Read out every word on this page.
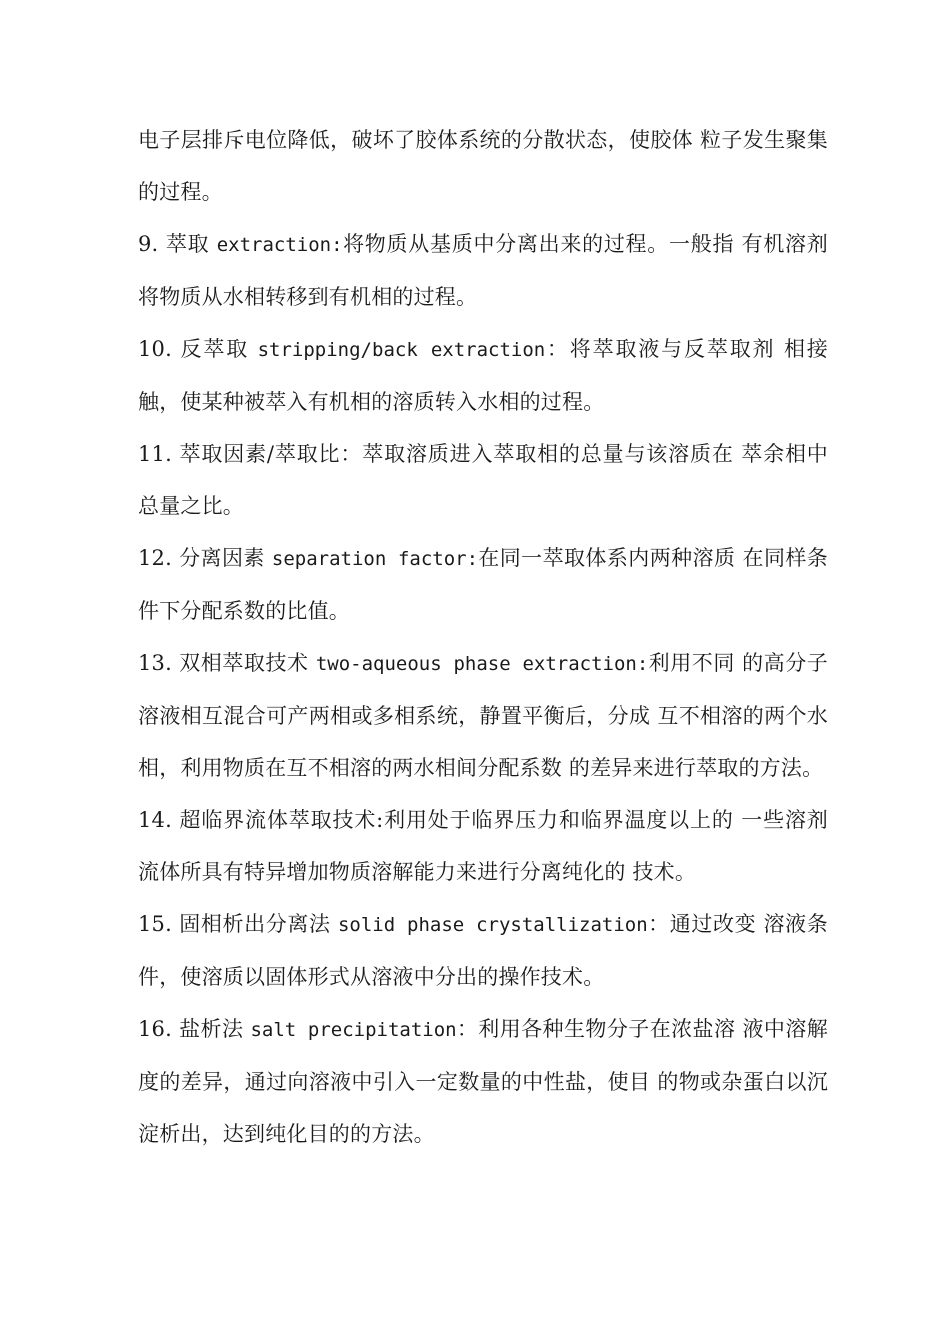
电子层排斥电位降低，破坏了胶体系统的分散状态，使胶体 粒子发生聚集的过程。

9. 萃取 extraction:将物质从基质中分离出来的过程。一般指 有机溶剂将物质从水相转移到有机相的过程。

10. 反萃取 stripping/back extraction：将萃取液与反萃取剂 相接触，使某种被萃入有机相的溶质转入水相的过程。

11. 萃取因素/萃取比：萃取溶质进入萃取相的总量与该溶质在 萃余相中总量之比。

12. 分离因素 separation factor:在同一萃取体系内两种溶质 在同样条件下分配系数的比值。

13. 双相萃取技术 two-aqueous phase extraction:利用不同 的高分子溶液相互混合可产两相或多相系统，静置平衡后，分成 互不相溶的两个水相，利用物质在互不相溶的两水相间分配系数 的差异来进行萃取的方法。

14. 超临界流体萃取技术:利用处于临界压力和临界温度以上的 一些溶剂流体所具有特异增加物质溶解能力来进行分离纯化的 技术。

15. 固相析出分离法 solid phase crystallization：通过改变 溶液条件，使溶质以固体形式从溶液中分出的操作技术。

16. 盐析法 salt precipitation：利用各种生物分子在浓盐溶 液中溶解度的差异，通过向溶液中引入一定数量的中性盐，使目 的物或杂蛋白以沉淀析出，达到纯化目的的方法。
